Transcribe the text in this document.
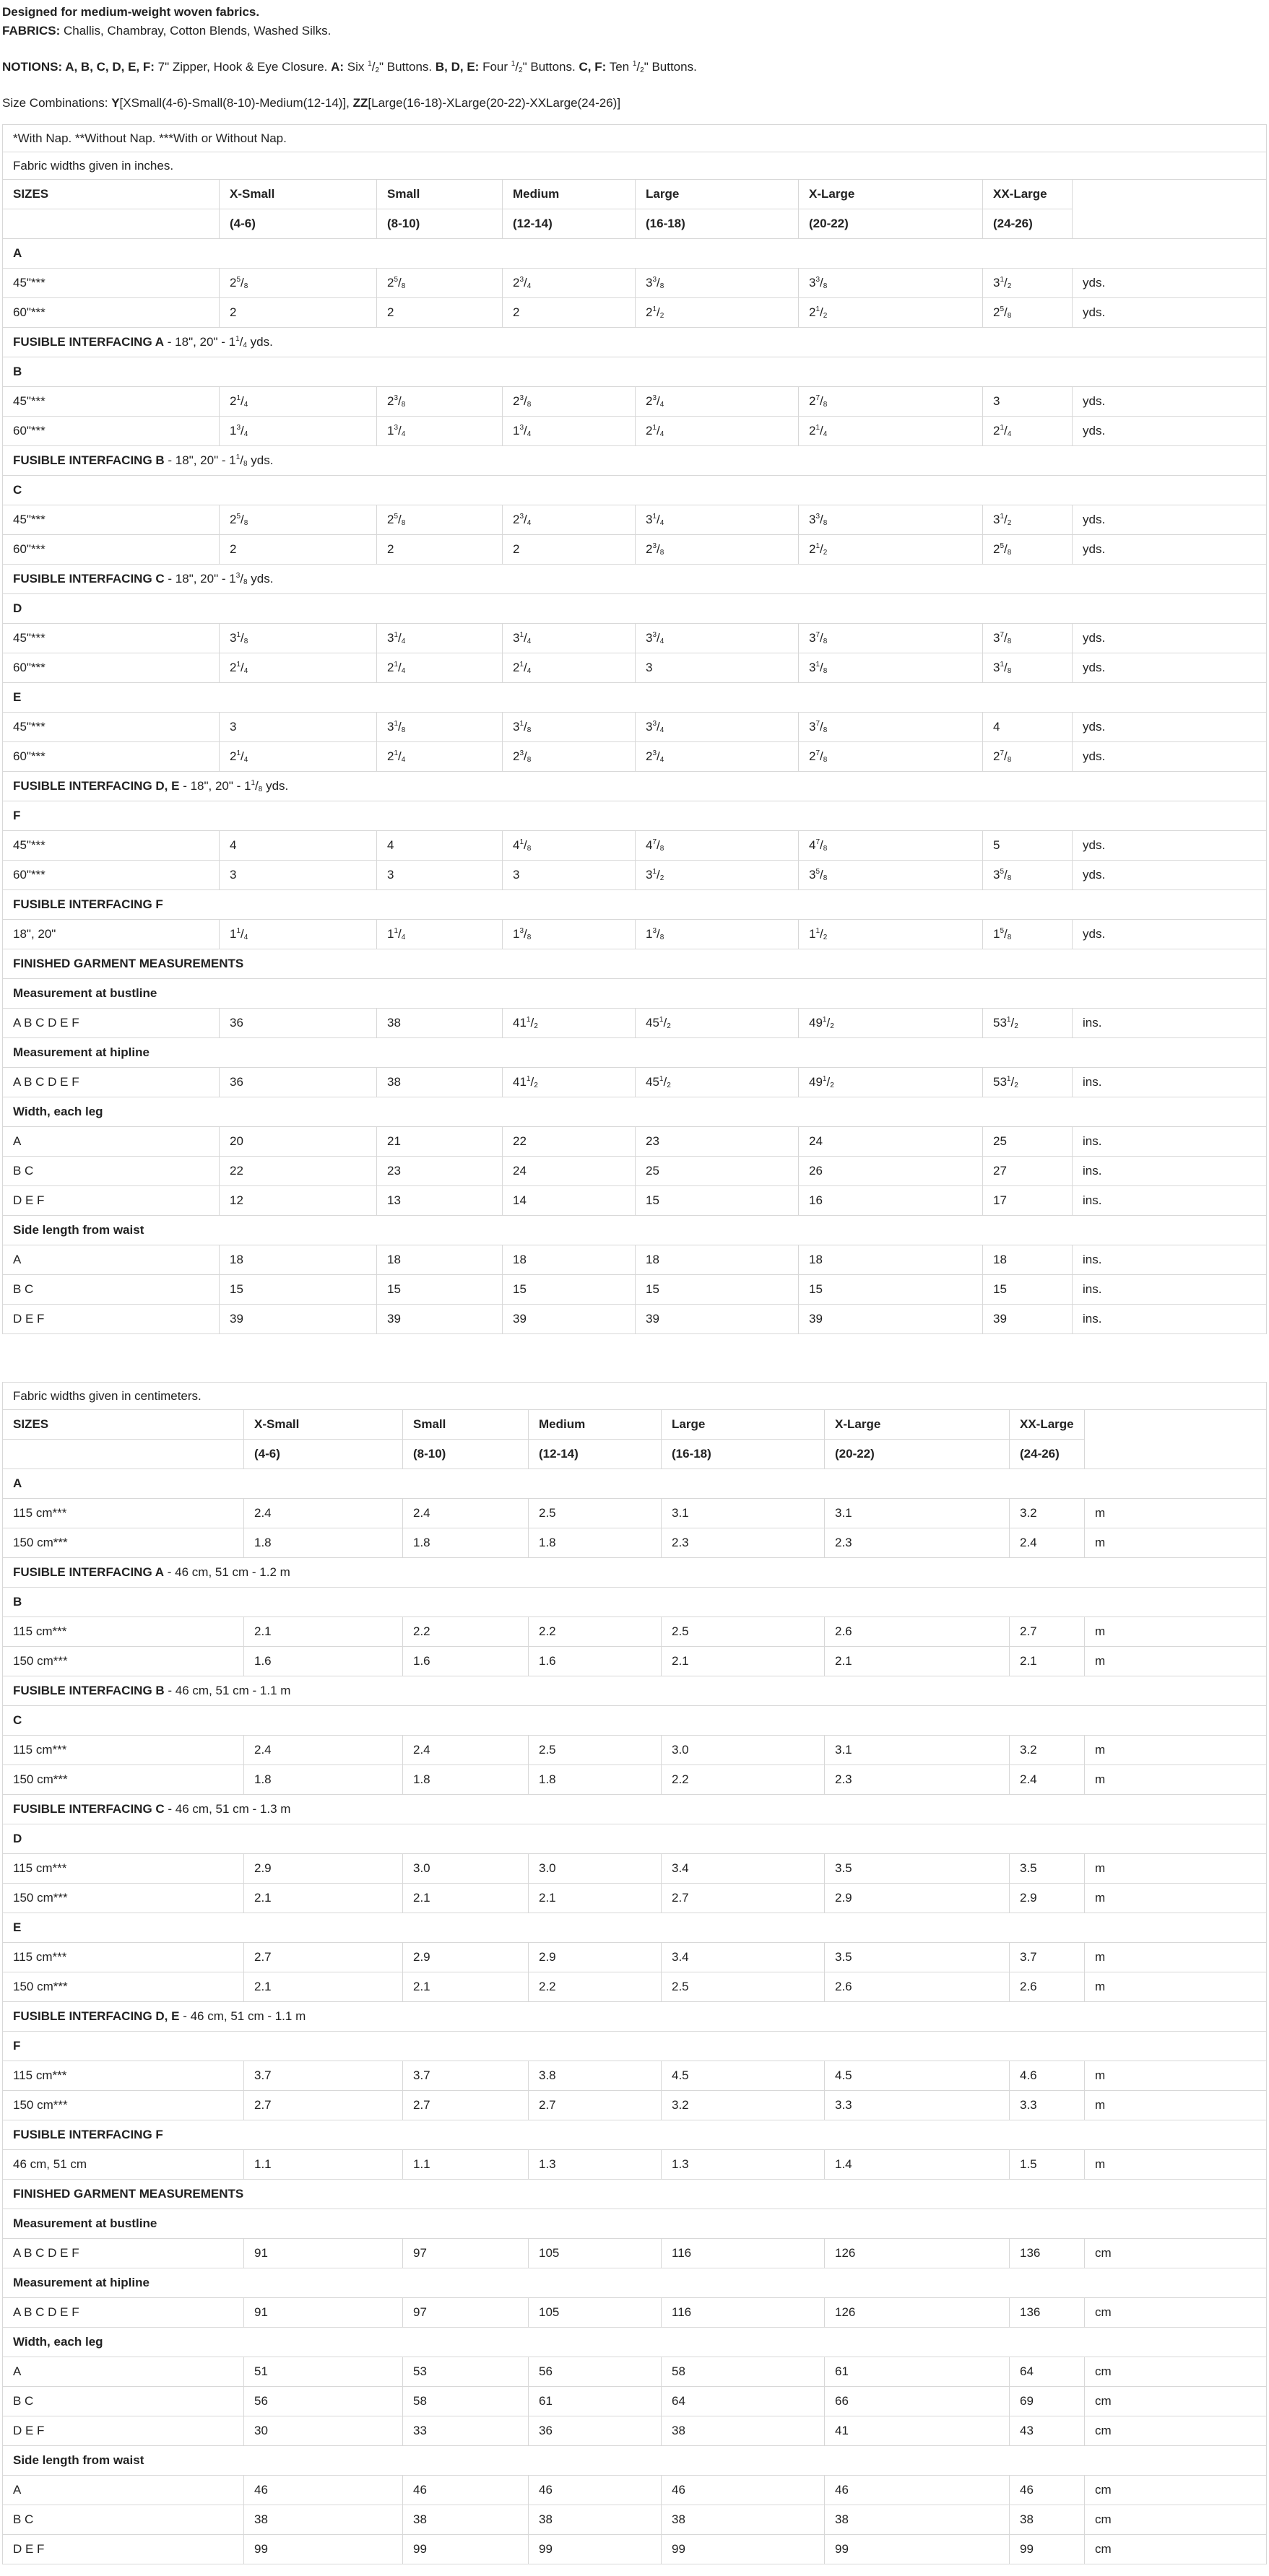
Designed for medium-weight woven fabrics.

FABRICS: Challis, Chambray, Cotton Blends, Washed Silks.

NOTIONS: A, B, C, D, E, F: 7" Zipper, Hook & Eye Closure. A: Six $^1/_2$" Buttons. B, D, E: Four $^1/_2$" Buttons. C, F: Ten $^1/_2$" Buttons.

Size Combinations: Y[XSmall(4-6)-Small(8-10)-Medium(12-14)], ZZ[Large(16-18)-XLarge(20-22)-XXLarge(24-26)]

*With Nap. **Without Nap. ***With or Without Nap.							
Fabric widths given in inches.							
SIZES	X-Small	Small	Medium	Large	X-Large	XX-Large	
	(4-6)	(8-10)	(12-14)	(16-18)	(20-22)	(24-26)	
A							
45"***	$2^5/_8$	$2^5/_8$	$2^3/_4$	$3^3/_8$	$3^3/_8$	$3^1/_2$	yds.
60"***	2	2	2	$2^1/_2$	$2^1/_2$	$2^5/_8$	yds.
FUSIBLE INTERFACING A - 18", 20" - $1^1/_4$ yds.							
B							
45"***	$2^1/_4$	$2^3/_8$	$2^3/_8$	$2^3/_4$	$2^7/_8$	3	yds.
60"***	$1^3/_4$	$1^3/_4$	$1^3/_4$	$2^1/_4$	$2^1/_4$	$2^1/_4$	yds.
FUSIBLE INTERFACING B - 18", 20" - $1^1/_8$ yds.							
C							
45"***	$2^5/_8$	$2^5/_8$	$2^3/_4$	$3^1/_4$	$3^3/_8$	$3^1/_2$	yds.
60"***	2	2	2	$2^3/_8$	$2^1/_2$	$2^5/_8$	yds.
FUSIBLE INTERFACING C - 18", 20" - $1^3/_8$ yds.							
D							
45"***	$3^1/_8$	$3^1/_4$	$3^1/_4$	$3^3/_4$	$3^7/_8$	$3^7/_8$	yds.
60"***	$2^1/_4$	$2^1/_4$	$2^1/_4$	3	$3^1/_8$	$3^1/_8$	yds.
E							
45"***	3	$3^1/_8$	$3^1/_8$	$3^3/_4$	$3^7/_8$	4	yds.
60"***	$2^1/_4$	$2^1/_4$	$2^3/_8$	$2^3/_4$	$2^7/_8$	$2^7/_8$	yds.
FUSIBLE INTERFACING D, E - 18", 20" - $1^1/_8$ yds.							
F							
45"***	4	4	$4^1/_8$	$4^7/_8$	$4^7/_8$	5	yds.
60"***	3	3	3	$3^1/_2$	$3^5/_8$	$3^5/_8$	yds.
FUSIBLE INTERFACING F							
18", 20"	$1^1/_4$	$1^1/_4$	$1^3/_8$	$1^3/_8$	$1^1/_2$	$1^5/_8$	yds.
FINISHED GARMENT MEASUREMENTS							
Measurement at bustline							
A B C D E F	36	38	$41^1/_2$	$45^1/_2$	$49^1/_2$	$53^1/_2$	ins.
Measurement at hipline							
A B C D E F	36	38	$41^1/_2$	$45^1/_2$	$49^1/_2$	$53^1/_2$	ins.
Width, each leg							
A	20	21	22	23	24	25	ins.
B C	22	23	24	25	26	27	ins.
D E F	12	13	14	15	16	17	ins.
Side length from waist							
A	18	18	18	18	18	18	ins.
B C	15	15	15	15	15	15	ins.
D E F	39	39	39	39	39	39	ins.
Fabric widths given in centimeters.							
SIZES	X-Small	Small	Medium	Large	X-Large	XX-Large	
	(4-6)	(8-10)	(12-14)	(16-18)	(20-22)	(24-26)	
A							
115 cm***	2.4	2.4	2.5	3.1	3.1	3.2	m
150 cm***	1.8	1.8	1.8	2.3	2.3	2.4	m
FUSIBLE INTERFACING A - 46 cm, 51 cm - 1.2 m							
B							
115 cm***	2.1	2.2	2.2	2.5	2.6	2.7	m
150 cm***	1.6	1.6	1.6	2.1	2.1	2.1	m
FUSIBLE INTERFACING B - 46 cm, 51 cm - 1.1 m							
C							
115 cm***	2.4	2.4	2.5	3.0	3.1	3.2	m
150 cm***	1.8	1.8	1.8	2.2	2.3	2.4	m
FUSIBLE INTERFACING C - 46 cm, 51 cm - 1.3 m							
D							
115 cm***	2.9	3.0	3.0	3.4	3.5	3.5	m
150 cm***	2.1	2.1	2.1	2.7	2.9	2.9	m
E							
115 cm***	2.7	2.9	2.9	3.4	3.5	3.7	m
150 cm***	2.1	2.1	2.2	2.5	2.6	2.6	m
FUSIBLE INTERFACING D, E - 46 cm, 51 cm - 1.1 m							
F							
115 cm***	3.7	3.7	3.8	4.5	4.5	4.6	m
150 cm***	2.7	2.7	2.7	3.2	3.3	3.3	m
FUSIBLE INTERFACING F							
46 cm, 51 cm	1.1	1.1	1.3	1.3	1.4	1.5	m
FINISHED GARMENT MEASUREMENTS							
Measurement at bustline							
A B C D E F	91	97	105	116	126	136	cm
Measurement at hipline							
A B C D E F	91	97	105	116	126	136	cm
Width, each leg							
A	51	53	56	58	61	64	cm
B C	56	58	61	64	66	69	cm
D E F	30	33	36	38	41	43	cm
Side length from waist							
A	46	46	46	46	46	46	cm
B C	38	38	38	38	38	38	cm
D E F	99	99	99	99	99	99	cm
